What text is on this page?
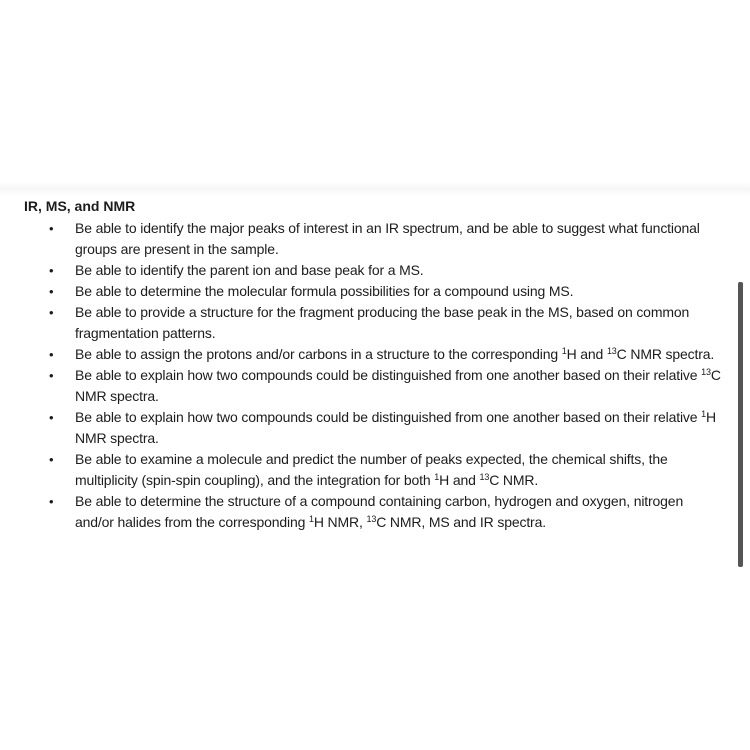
IR, MS, and NMR
• Be able to identify the major peaks of interest in an IR spectrum, and be able to suggest what functional groups are present in the sample.
• Be able to identify the parent ion and base peak for a MS.
• Be able to determine the molecular formula possibilities for a compound using MS.
• Be able to provide a structure for the fragment producing the base peak in the MS, based on common fragmentation patterns.
• Be able to assign the protons and/or carbons in a structure to the corresponding $^1$H and $^{13}$C NMR spectra.
• Be able to explain how two compounds could be distinguished from one another based on their relative $^{13}$C NMR spectra.
• Be able to explain how two compounds could be distinguished from one another based on their relative $^1$H NMR spectra.
• Be able to examine a molecule and predict the number of peaks expected, the chemical shifts, the multiplicity (spin-spin coupling), and the integration for both $^1$H and $^{13}$C NMR.
• Be able to determine the structure of a compound containing carbon, hydrogen and oxygen, nitrogen and/or halides from the corresponding $^1$H NMR, $^{13}$C NMR, MS and IR spectra.
